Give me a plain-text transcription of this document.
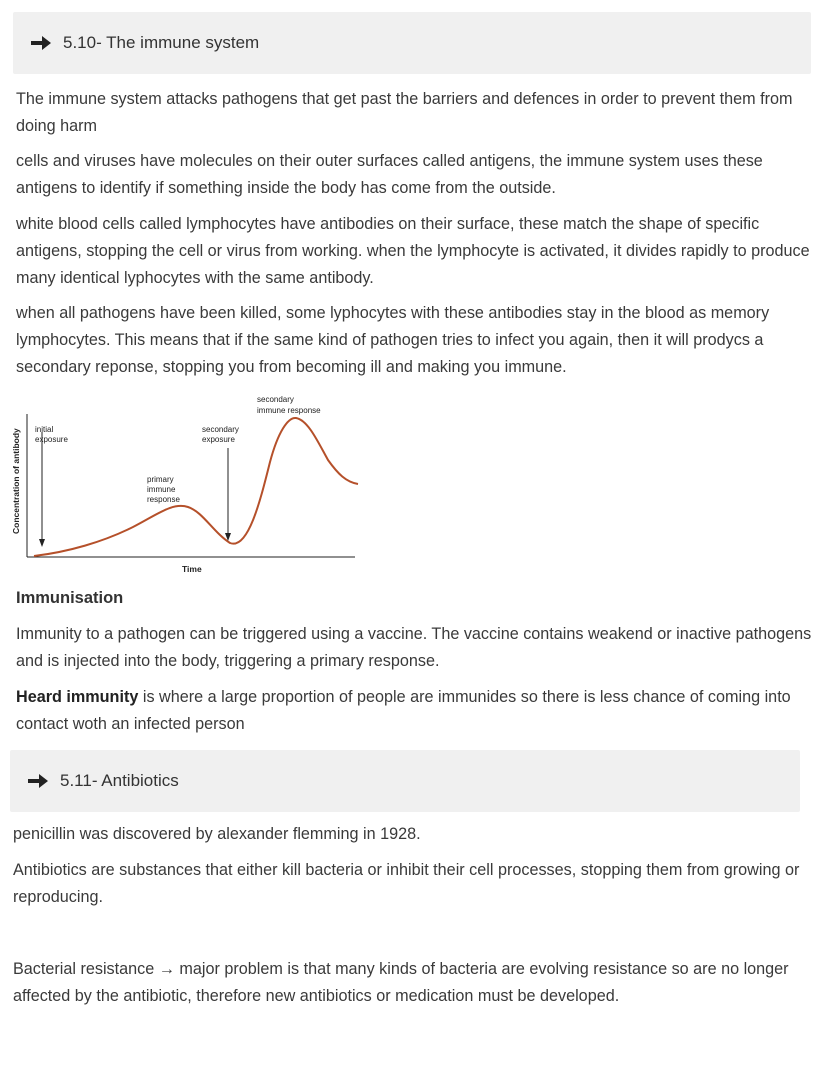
5.10- The immune system

The immune system attacks pathogens that get past the barriers and defences in order to prevent them from doing harm

cells and viruses have molecules on their outer surfaces called antigens, the immune system uses these antigens to identify if something inside the body has come from the outside.

white blood cells called lymphocytes have antibodies on their surface, these match the shape of specific antigens, stopping the cell or virus from working. when the lymphocyte is activated, it divides rapidly to produce many identical lyphocytes with the same antibody.

when all pathogens have been killed, some lyphocytes with these antibodies stay in the blood as memory lymphocytes. This means that if the same kind of pathogen tries to infect you again, then it will prodycs a secondary reponse, stopping you from becoming ill and making you immune.

Concentration of antibody initial
exposure
secondary
exposure
primary
immune
response
secondary
immune response
Time
Immunisation

Immunity to a pathogen can be triggered using a vaccine. The vaccine contains weakend or inactive pathogens and is injected into the body, triggering a primary response.

Heard immunity is where a large proportion of people are immunides so there is less chance of coming into contact woth an infected person

5.11- Antibiotics

penicillin was discovered by alexander flemming in 1928.

Antibiotics are substances that either kill bacteria or inhibit their cell processes, stopping them from growing or reproducing.

Bacterial resistance → major problem is that many kinds of bacteria are evolving resistance so are no longer affected by the antibiotic, therefore new antibiotics or medication must be developed.
